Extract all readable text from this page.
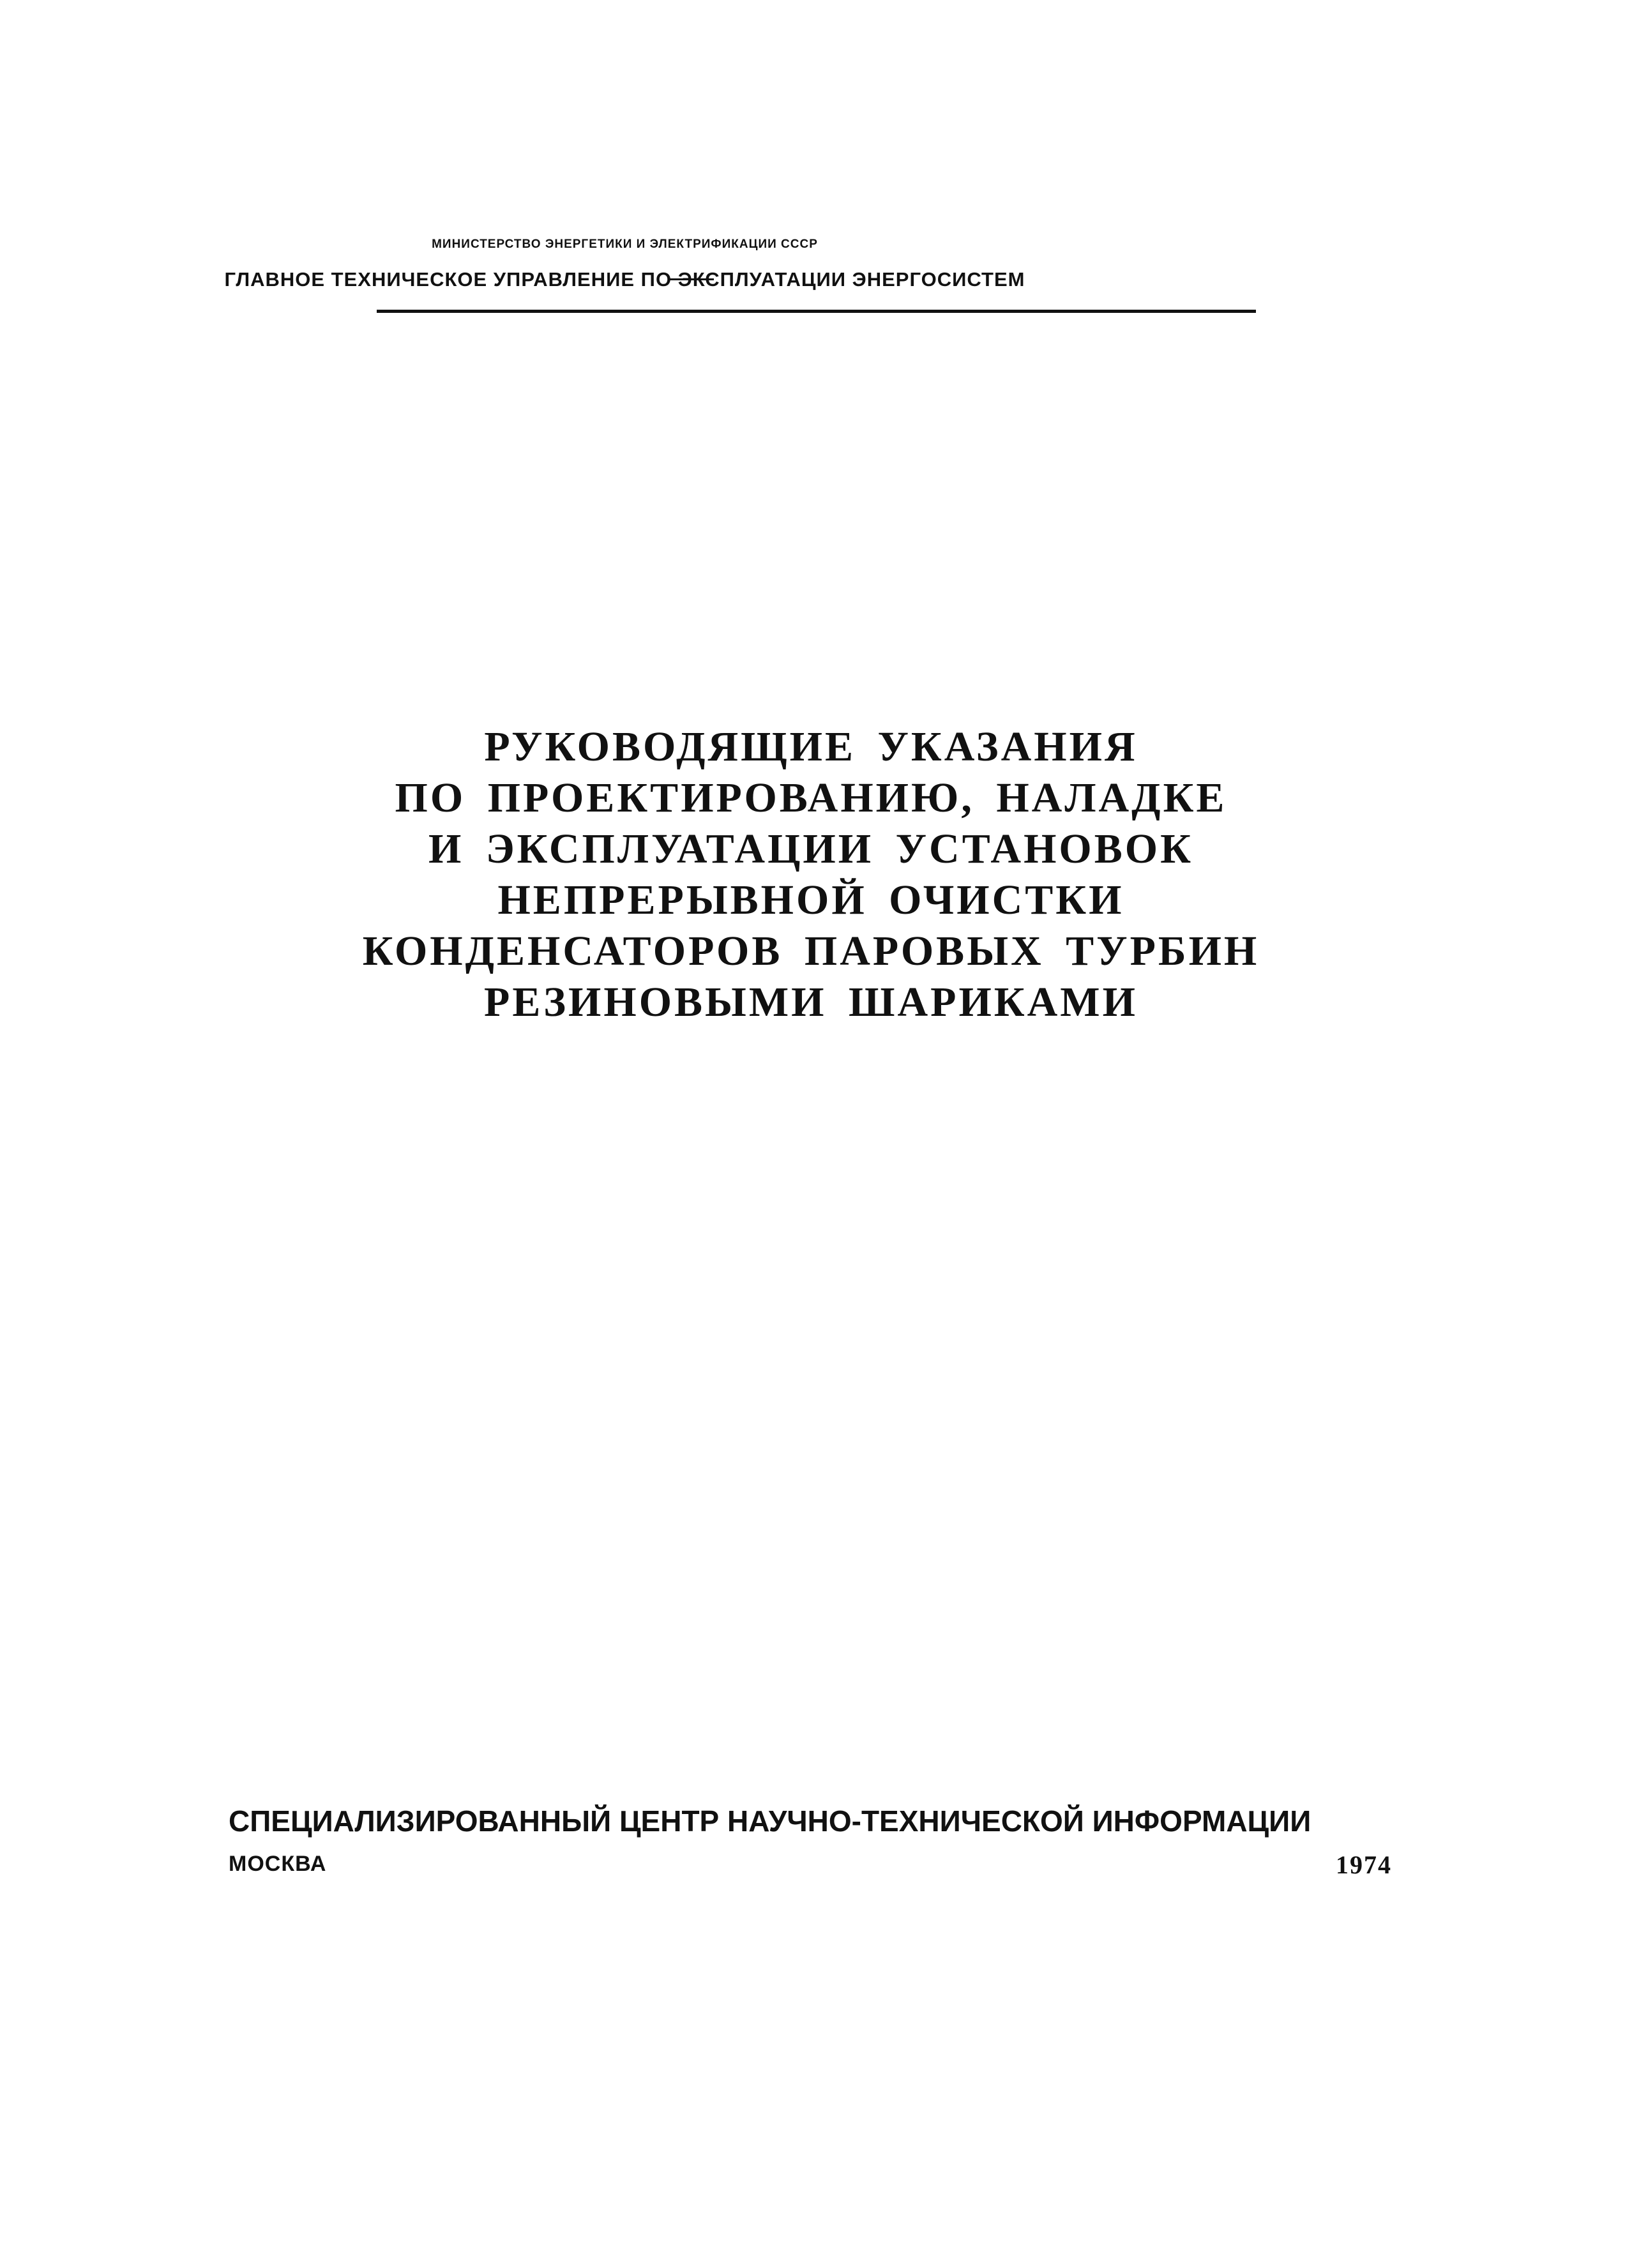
МИНИСТЕРСТВО ЭНЕРГЕТИКИ И ЭЛЕКТРИФИКАЦИИ СССР
ГЛАВНОЕ ТЕХНИЧЕСКОЕ УПРАВЛЕНИЕ ПО ЭКСПЛУАТАЦИИ ЭНЕРГОСИСТЕМ
РУКОВОДЯЩИЕ УКАЗАНИЯ
ПО ПРОЕКТИРОВАНИЮ, НАЛАДКЕ
И ЭКСПЛУАТАЦИИ УСТАНОВОК
НЕПРЕРЫВНОЙ ОЧИСТКИ
КОНДЕНСАТОРОВ ПАРОВЫХ ТУРБИН
РЕЗИНОВЫМИ ШАРИКАМИ
СПЕЦИАЛИЗИРОВАННЫЙ ЦЕНТР НАУЧНО-ТЕХНИЧЕСКОЙ ИНФОРМАЦИИ
МОСКВА	1974
